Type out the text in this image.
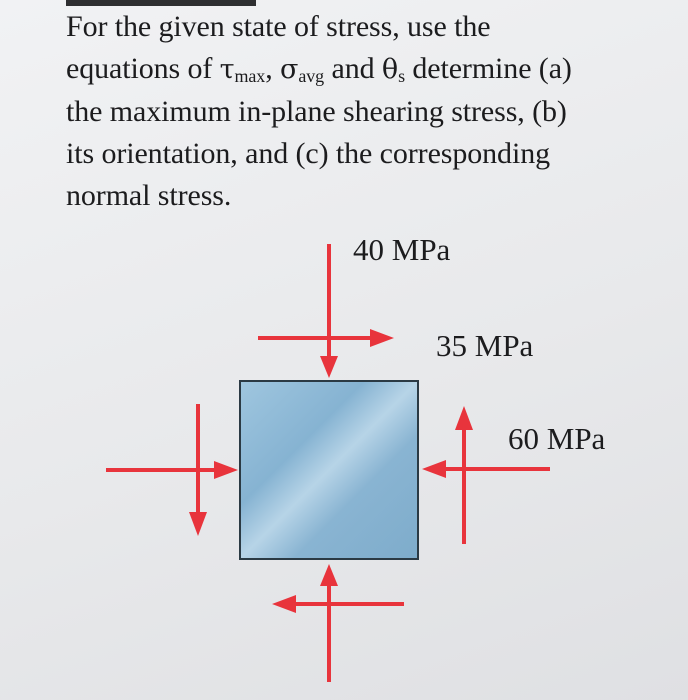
For the given state of stress, use the
equations of $\tau_{max}$, $\sigma_{avg}$ and $\theta_s$ determine (a)
the maximum in-plane shearing stress, (b)
its orientation, and (c) the corresponding
normal stress.

40 MPa
35 MPa
60 MPa
